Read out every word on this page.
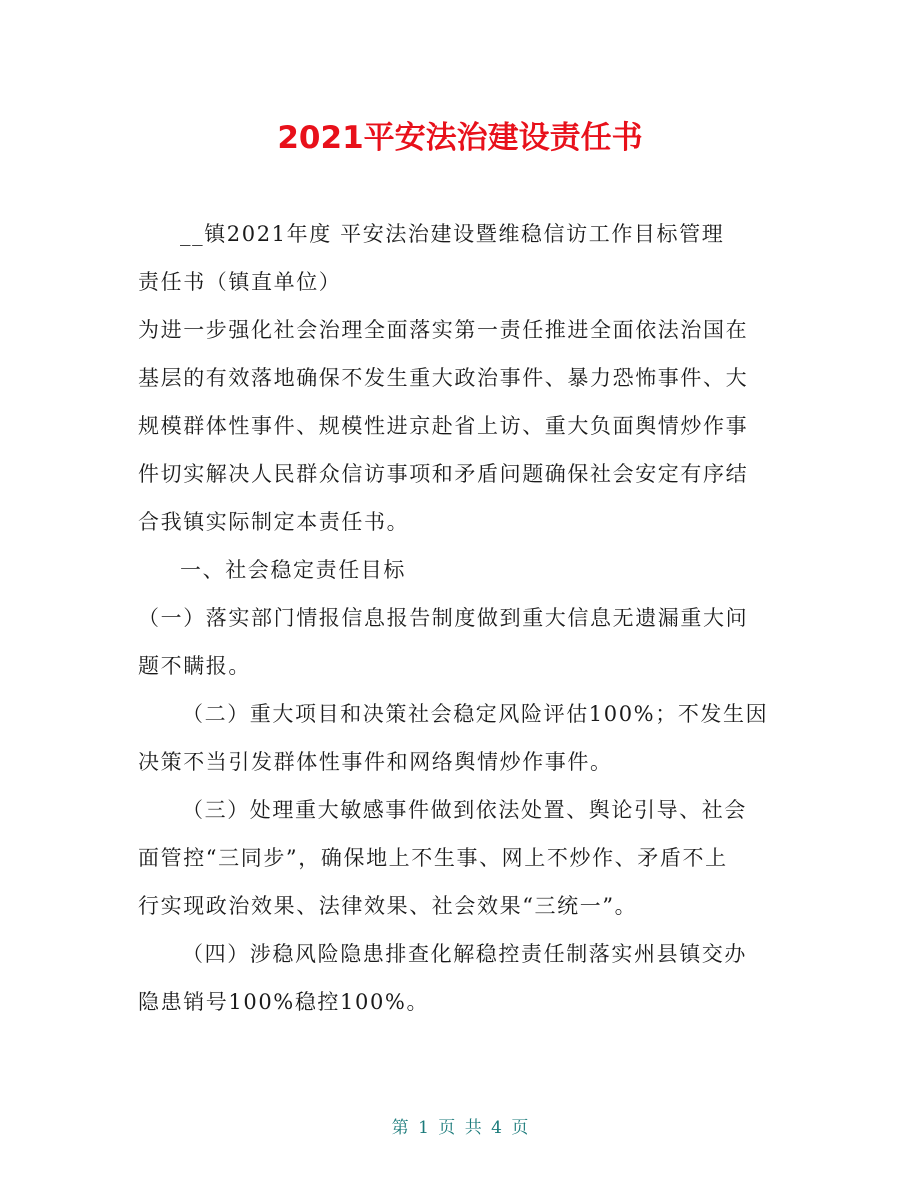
2021平安法治建设责任书
__镇2021年度 平安法治建设暨维稳信访工作目标管理
责任书（镇直单位）
为进一步强化社会治理全面落实第一责任推进全面依法治国在
基层的有效落地确保不发生重大政治事件、暴力恐怖事件、大
规模群体性事件、规模性进京赴省上访、重大负面舆情炒作事
件切实解决人民群众信访事项和矛盾问题确保社会安定有序结
合我镇实际制定本责任书。
一、社会稳定责任目标
（一）落实部门情报信息报告制度做到重大信息无遗漏重大问
题不瞒报。
（二）重大项目和决策社会稳定风险评估100%；不发生因
决策不当引发群体性事件和网络舆情炒作事件。
（三）处理重大敏感事件做到依法处置、舆论引导、社会
面管控“三同步”，确保地上不生事、网上不炒作、矛盾不上
行实现政治效果、法律效果、社会效果“三统一”。
（四）涉稳风险隐患排查化解稳控责任制落实州县镇交办
隐患销号100%稳控100%。
第 1 页 共 4 页
